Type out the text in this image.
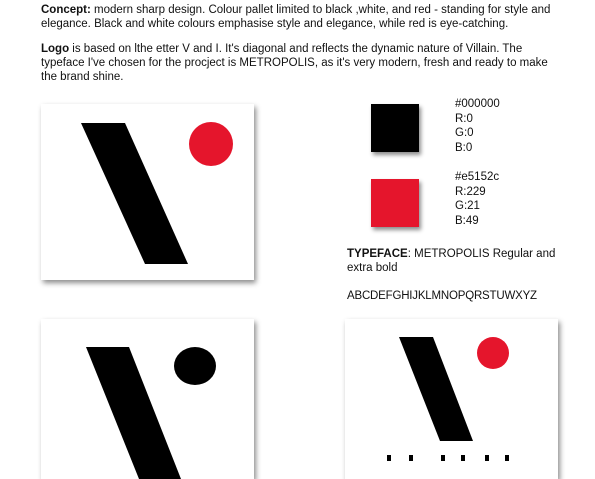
Concept: modern sharp design. Colour pallet limited to black ,white, and red - standing for style and elegance. Black and white colours emphasise style and elegance, while red is eye-catching.
Logo is based on lthe etter V and I. It's diagonal and reflects the dynamic nature of Villain. The typeface I've chosen for the procject is METROPOLIS, as it's very modern, fresh and ready to make the brand shine.
#000000
R:0
G:0
B:0
#e5152c
R:229
G:21
B:49
TYPEFACE: METROPOLIS Regular and extra bold
ABCDEFGHIJKLMNOPQRSTUWXYZ
